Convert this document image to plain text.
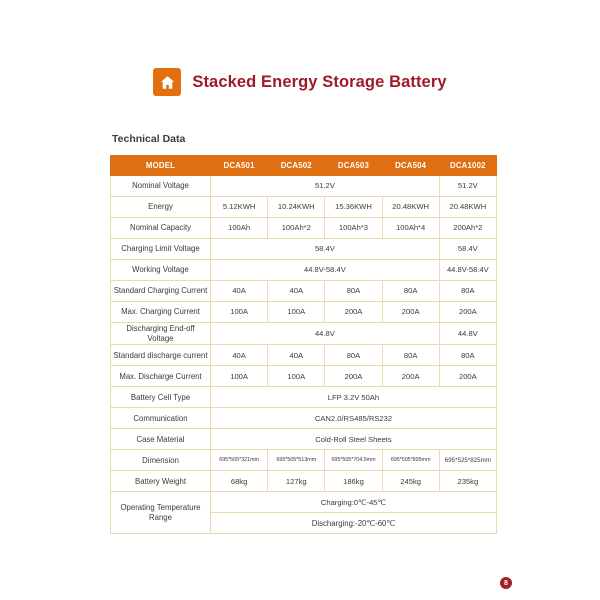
Stacked Energy Storage Battery
Technical Data
MODEL	DCA501	DCA502	DCA503	DCA504	DCA1002
Nominal Voltage	51.2V				51.2V
Energy	5.12KWH	10.24KWH	15.36KWH	20.48KWH	20.48KWH
Nominal Capacity	100Ah	100Ah*2	100Ah*3	100Ah*4	200Ah*2
Charging Limit Voltage	58.4V				58.4V
Working Voltage	44.8V-58.4V				44.8V-58.4V
Standard Charging Current	40A	40A	80A	80A	80A
Max. Charging Current	100A	100A	200A	200A	200A
Discharging End-off Voltage	44.8V				44.8V
Standard discharge current	40A	40A	80A	80A	80A
Max. Discharge Current	100A	100A	200A	200A	200A
Battery Cell Type	LFP 3.2V 50Ah				
Communication	CAN2.0/RS485/RS232				
Case Material	Cold-Roll Steel Sheets				
Dimension	695*505*321mm	695*505*513mm	695*505*704.5mm	695*505*895mm	695*525*825mm
Battery Weight	68kg	127kg	186kg	245kg	235kg
Operating Temperature Range	Charging:0℃-45℃				
	Discharging:-20℃-60℃				
8
